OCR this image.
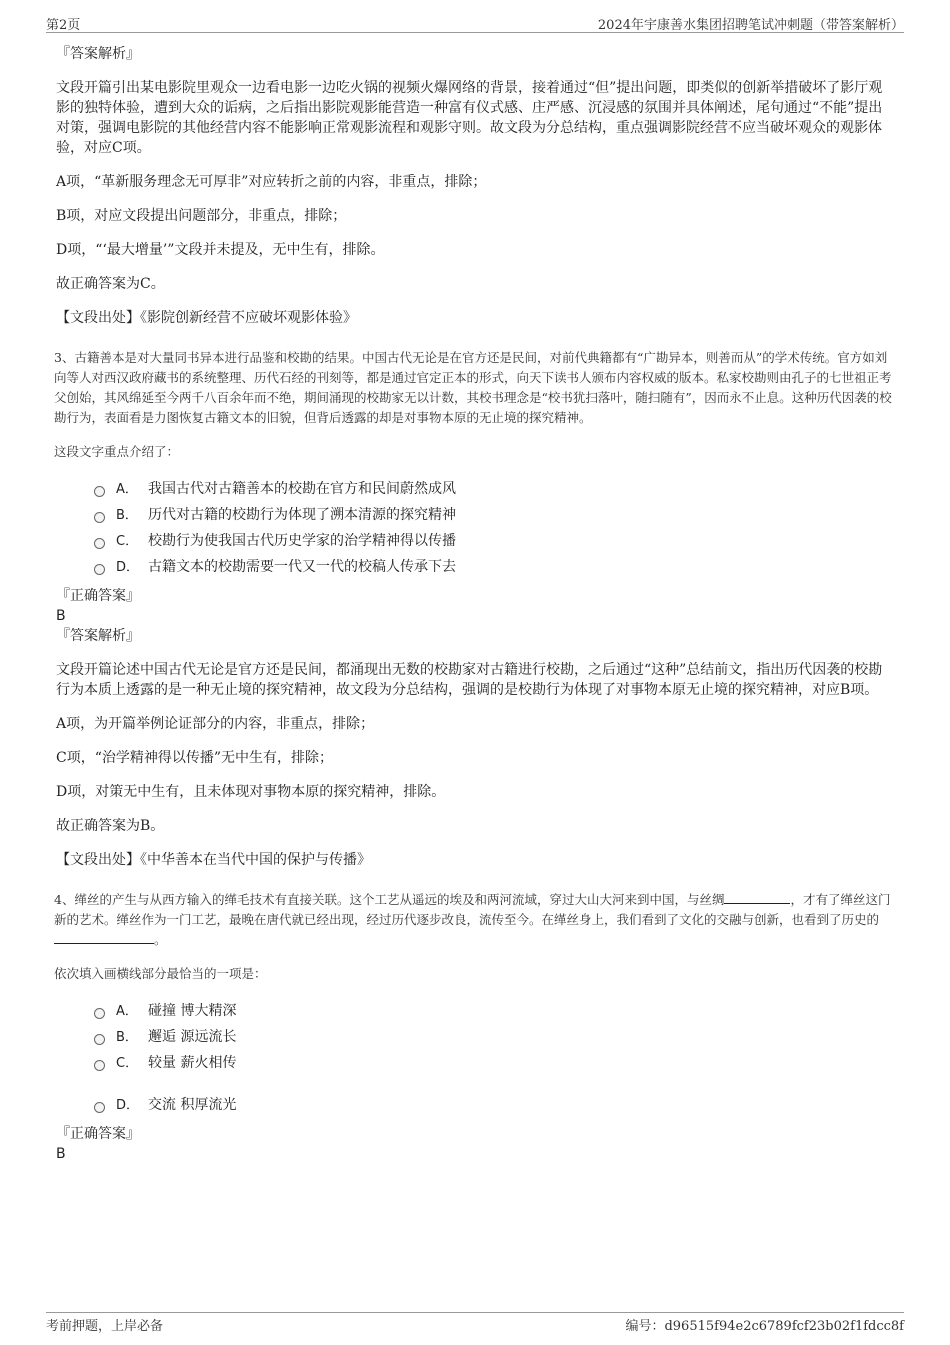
第2页	2024年宇康善水集团招聘笔试冲刺题（带答案解析）
『答案解析』
文段开篇引出某电影院里观众一边看电影一边吃火锅的视频火爆网络的背景，接着通过“但”提出问题，即类似的创新举措破坏了影厅观影的独特体验，遭到大众的诟病，之后指出影院观影能营造一种富有仪式感、庄严感、沉浸感的氛围并具体阐述，尾句通过“不能”提出对策，强调电影院的其他经营内容不能影响正常观影流程和观影守则。故文段为分总结构，重点强调影院经营不应当破坏观众的观影体验，对应C项。
A项，“革新服务理念无可厚非”对应转折之前的内容，非重点，排除；
B项，对应文段提出问题部分，非重点，排除；
D项，“‘最大增量’”文段并未提及，无中生有，排除。
故正确答案为C。
【文段出处】《影院创新经营不应破坏观影体验》
3、古籍善本是对大量同书异本进行品鉴和校勘的结果。中国古代无论是在官方还是民间，对前代典籍都有“广勘异本，则善而从”的学术传统。官方如刘向等人对西汉政府藏书的系统整理、历代石经的刊刻等，都是通过官定正本的形式，向天下读书人颁布内容权威的版本。私家校勘则由孔子的七世祖正考父创始，其风绵延至今两千八百余年而不绝，期间涌现的校勘家无以计数，其校书理念是“校书犹扫落叶，随扫随有”，因而永不止息。这种历代因袭的校勘行为，表面看是力图恢复古籍文本的旧貌，但背后透露的却是对事物本原的无止境的探究精神。
这段文字重点介绍了：
A． 我国古代对古籍善本的校勘在官方和民间蔚然成风
B． 历代对古籍的校勘行为体现了溯本清源的探究精神
C． 校勘行为使我国古代历史学家的治学精神得以传播
D． 古籍文本的校勘需要一代又一代的校稿人传承下去
『正确答案』
B
『答案解析』
文段开篇论述中国古代无论是官方还是民间，都涌现出无数的校勘家对古籍进行校勘，之后通过“这种”总结前文，指出历代因袭的校勘行为本质上透露的是一种无止境的探究精神，故文段为分总结构，强调的是校勘行为体现了对事物本原无止境的探究精神，对应B项。
A项，为开篇举例论证部分的内容，非重点，排除；
C项，“治学精神得以传播”无中生有，排除；
D项，对策无中生有，且未体现对事物本原的探究精神，排除。
故正确答案为B。
【文段出处】《中华善本在当代中国的保护与传播》
4、缂丝的产生与从西方输入的缂毛技术有直接关联。这个工艺从遥远的埃及和两河流域，穿过大山大河来到中国，与丝绸	，才有了缂丝这门新的艺术。缂丝作为一门工艺，最晚在唐代就已经出现，经过历代逐步改良，流传至今。在缂丝身上，我们看到了文化的交融与创新，也看到了历史的。
依次填入画横线部分最恰当的一项是：
A． 碰撞 博大精深
B． 邂逅 源远流长
C． 较量 薪火相传
D． 交流 积厚流光
『正确答案』
B
考前押题，上岸必备	编号：d96515f94e2c6789fcf23b02f1fdcc8f
